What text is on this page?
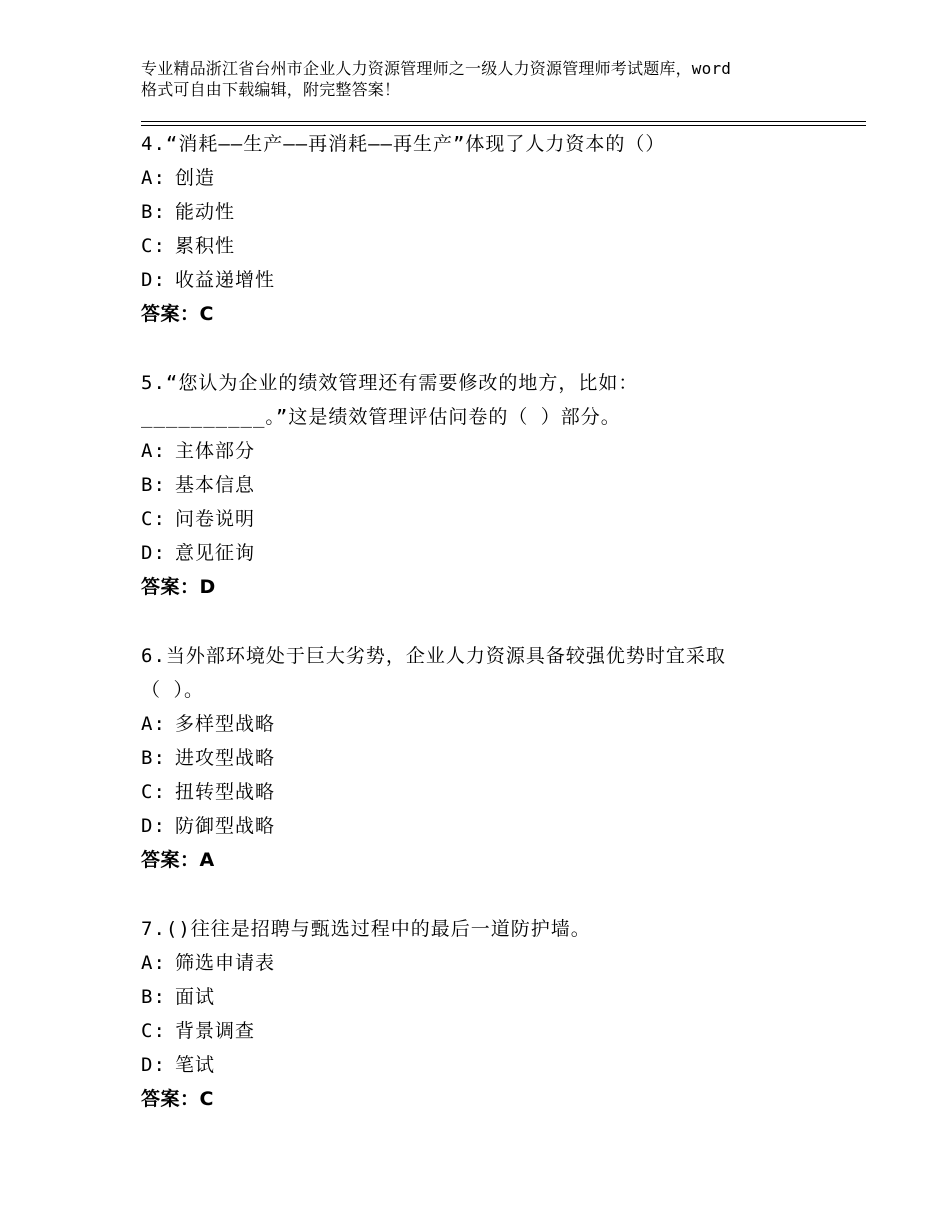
专业精品浙江省台州市企业人力资源管理师之一级人力资源管理师考试题库，word
格式可自由下载编辑，附完整答案！
4.“消耗——生产——再消耗——再生产”体现了人力资本的（）
A: 创造
B: 能动性
C: 累积性
D: 收益递增性
答案：C
5.“您认为企业的绩效管理还有需要修改的地方，比如：
__________。”这是绩效管理评估问卷的（ ）部分。
A: 主体部分
B: 基本信息
C: 问卷说明
D: 意见征询
答案：D
6.当外部环境处于巨大劣势，企业人力资源具备较强优势时宜采取
（ ）。
A: 多样型战略
B: 进攻型战略
C: 扭转型战略
D: 防御型战略
答案：A
7.()往往是招聘与甄选过程中的最后一道防护墙。
A: 筛选申请表
B: 面试
C: 背景调查
D: 笔试
答案：C
